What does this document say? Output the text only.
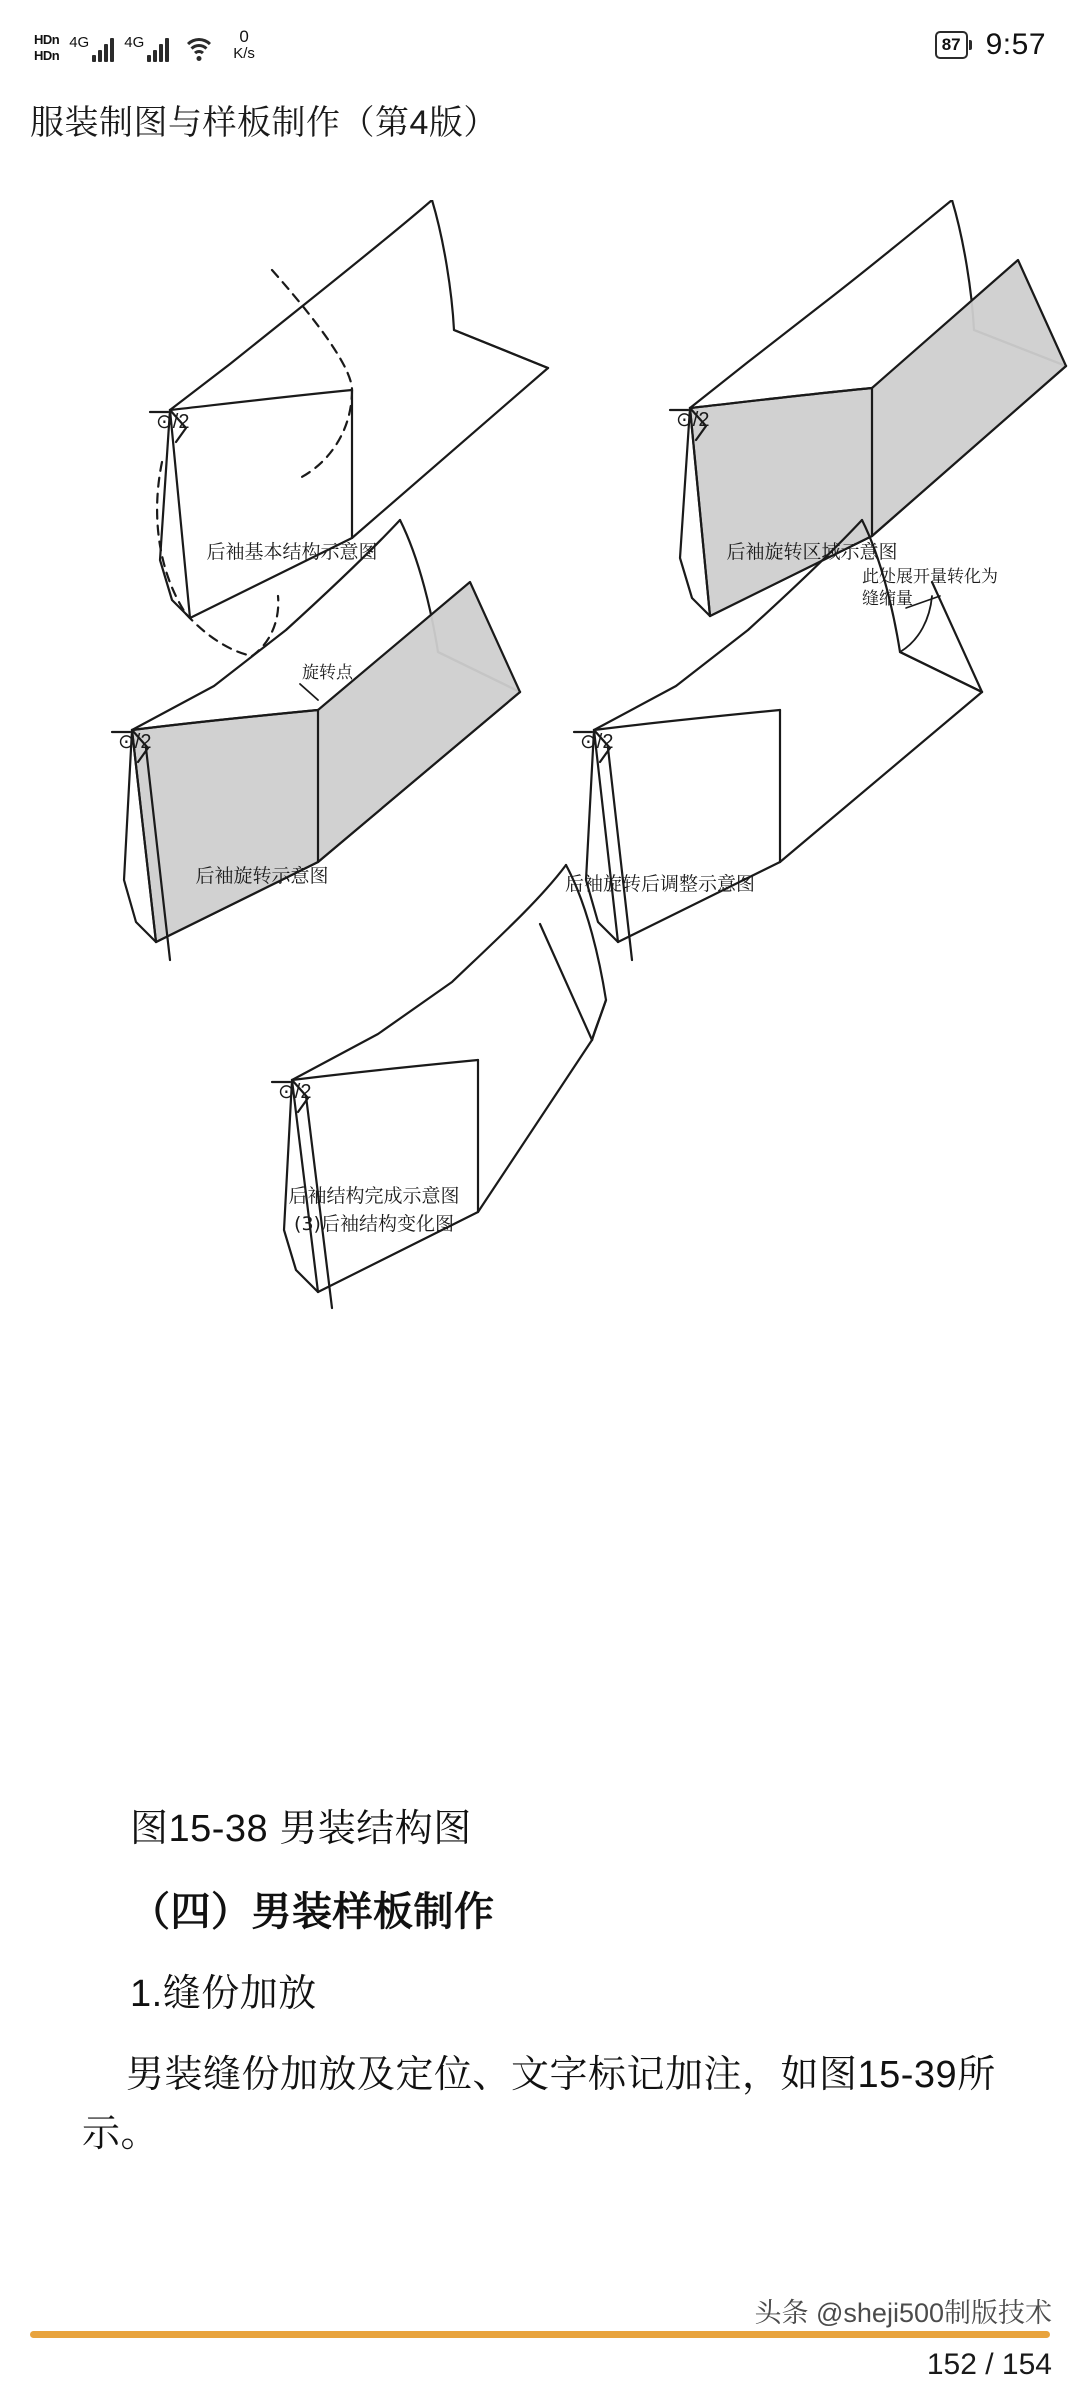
HDn
HDn
4G 4G	0
K/s	87 9:57
服装制图与样板制作（第4版）
⊙/2
后袖基本结构示意图
⊙/2
后袖旋转区域示意图
⊙/2
旋转点
后袖旋转示意图
⊙/2
此处展开量转化为缝缩量
后袖旋转后调整示意图
⊙/2
后袖结构完成示意图
(3)后袖结构变化图
图15-38 男装结构图
（四）男装样板制作
1.缝份加放
男装缝份加放及定位、文字标记加注，如图15-39所示。
头条 @sheji500制版技术
152 / 154
